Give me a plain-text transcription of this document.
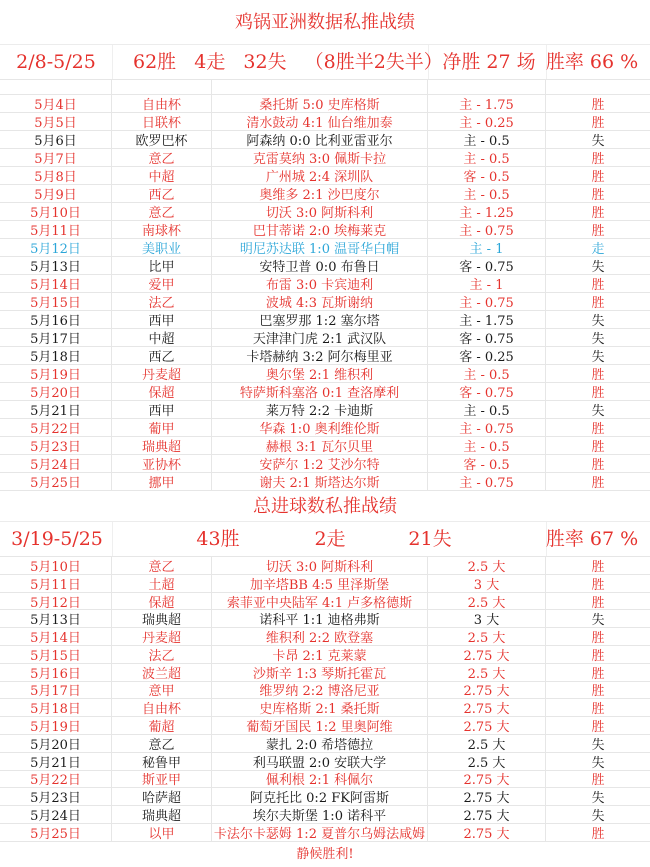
鸡锅亚洲数据私推战绩
2/8-5/25 62胜 4走 32失 （8胜半2失半） 净胜 27 场 胜率 66 %
5月4日	自由杯	桑托斯 5:0 史库格斯	主 - 1.75	胜
5月5日	日联杯	清水鼓动 4:1 仙台维加泰	主 - 0.25	胜
5月6日	欧罗巴杯	阿森纳 0:0 比利亚雷亚尔	主 - 0.5	失
5月7日	意乙	克雷莫纳 3:0 佩斯卡拉	主 - 0.5	胜
5月8日	中超	广州城 2:4 深圳队	客 - 0.5	胜
5月9日	西乙	奥维多 2:1 沙巴度尔	主 - 0.5	胜
5月10日	意乙	切沃 3:0 阿斯科利	主 - 1.25	胜
5月11日	南球杯	巴甘蒂诺 2:0 埃梅莱克	主 - 0.75	胜
5月12日	美职业	明尼苏达联 1:0 温哥华白帽	主 - 1	走
5月13日	比甲	安特卫普 0:0 布鲁日	客 - 0.75	失
5月14日	爱甲	布雷 3:0 卡宾迪利	主 - 1	胜
5月15日	法乙	波城 4:3 瓦斯谢纳	主 - 0.75	胜
5月16日	西甲	巴塞罗那 1:2 塞尔塔	主 - 1.75	失
5月17日	中超	天津津门虎 2:1 武汉队	客 - 0.75	失
5月18日	西乙	卡塔赫纳 3:2 阿尔梅里亚	客 - 0.25	失
5月19日	丹麦超	奥尔堡 2:1 维积利	主 - 0.5	胜
5月20日	保超	特萨斯科塞洛 0:1 查洛摩利	客 - 0.75	胜
5月21日	西甲	莱万特 2:2 卡迪斯	主 - 0.5	失
5月22日	葡甲	华森 1:0 奥利维伦斯	主 - 0.75	胜
5月23日	瑞典超	赫根 3:1 瓦尔贝里	主 - 0.5	胜
5月24日	亚协杯	安萨尔 1:2 艾沙尔特	客 - 0.5	胜
5月25日	挪甲	谢夫 2:1 斯塔达尔斯	主 - 0.75	胜
总进球数私推战绩
3/19-5/25	43胜	2走	21失	胜率 67 %
5月10日	意乙	切沃 3:0 阿斯科利	2.5 大	胜
5月11日	土超	加辛塔BB 4:5 里泽斯堡	3 大	胜
5月12日	保超	索菲亚中央陆军 4:1 卢多格德斯	2.5 大	胜
5月13日	瑞典超	诺科平 1:1 迪格弗斯	3 大	失
5月14日	丹麦超	维积利 2:2 欧登塞	2.5 大	胜
5月15日	法乙	卡昂 2:1 克莱蒙	2.75 大	胜
5月16日	波兰超	沙斯辛 1:3 琴斯托霍瓦	2.5 大	胜
5月17日	意甲	维罗纳 2:2 博洛尼亚	2.75 大	胜
5月18日	自由杯	史库格斯 2:1 桑托斯	2.75 大	胜
5月19日	葡超	葡萄牙国民 1:2 里奥阿维	2.75 大	胜
5月20日	意乙	蒙扎 2:0 希塔德拉	2.5 大	失
5月21日	秘鲁甲	利马联盟 2:0 安联大学	2.5 大	失
5月22日	斯亚甲	佩利根 2:1 科佩尔	2.75 大	胜
5月23日	哈萨超	阿克托比 0:2 FK阿雷斯	2.75 大	失
5月24日	瑞典超	埃尔夫斯堡 1:0 诺科平	2.75 大	失
5月25日	以甲	卡法尔卡瑟姆 1:2 夏普尔乌姆法咸姆	2.75 大	胜
静候胜利!
